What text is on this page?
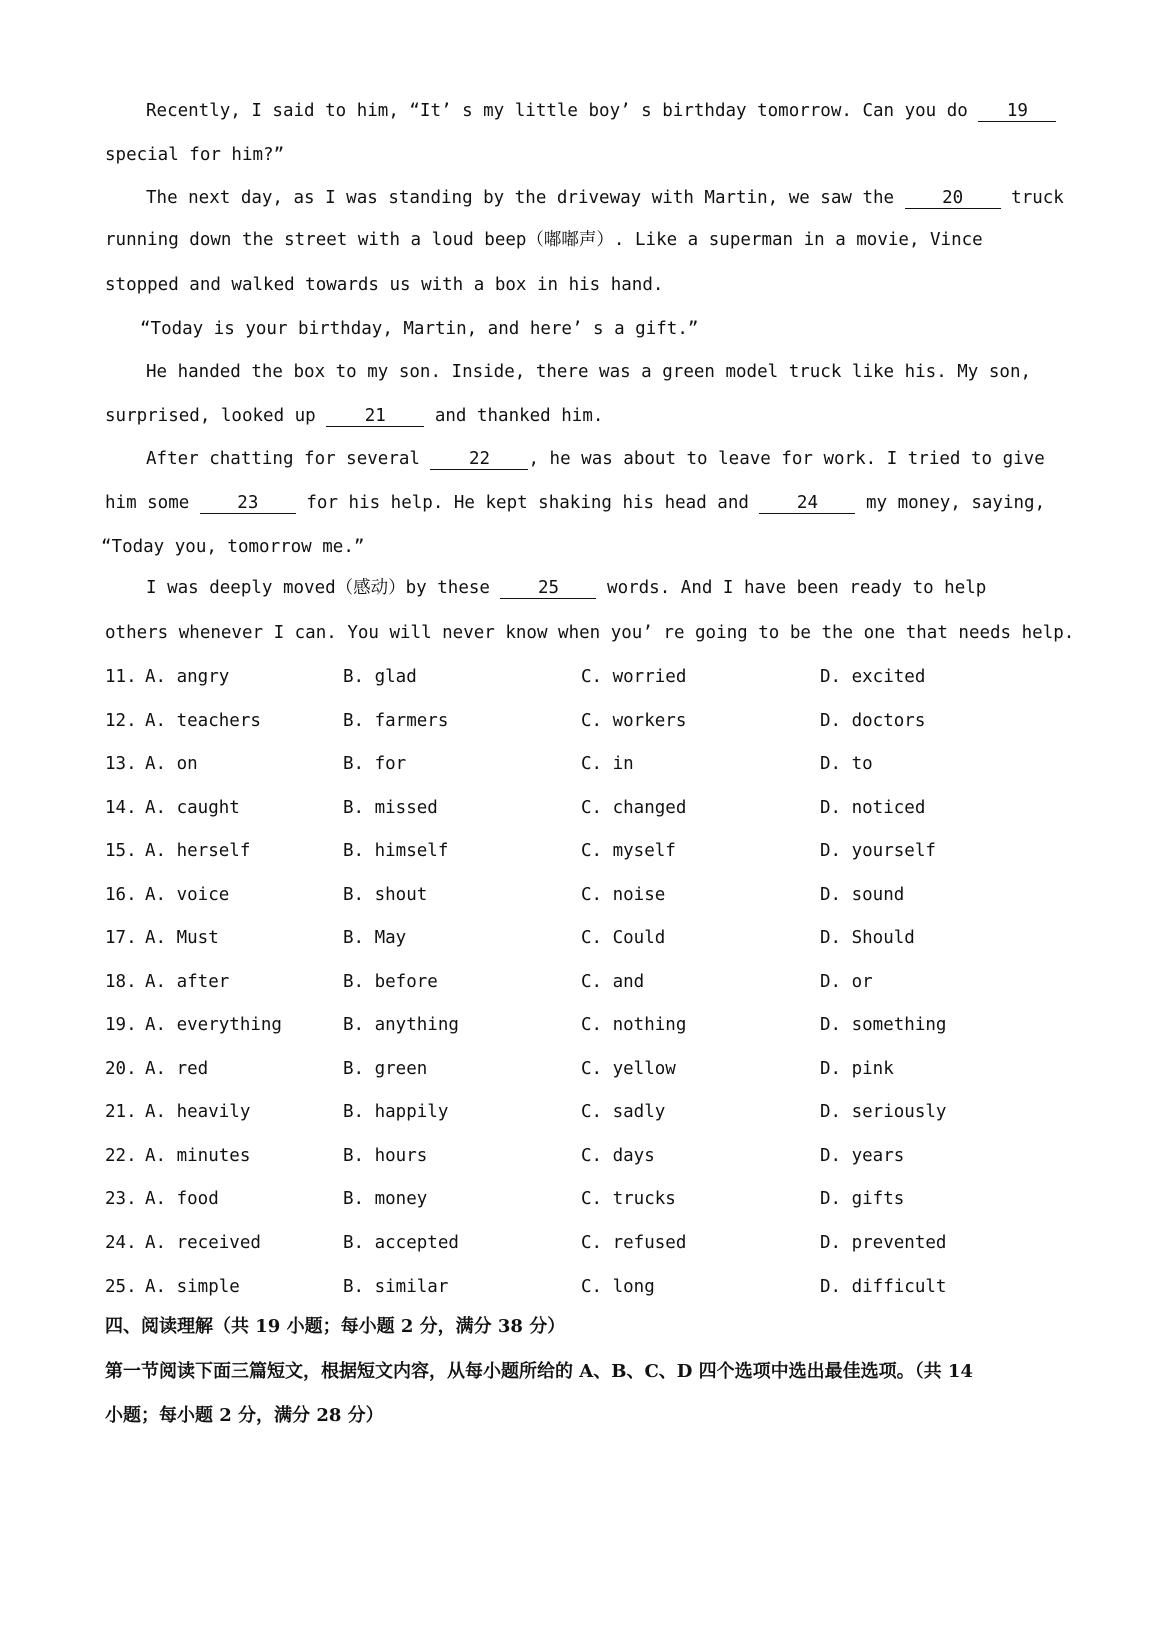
Recently, I said to him, “It’ s my little boy’ s birthday tomorrow. Can you do 19
special for him?”
The next day, as I was standing by the driveway with Martin, we saw the	20	truck
running down the street with a loud beep（嘟嘟声）. Like a superman in a movie, Vince
stopped and walked towards us with a box in his hand.
“Today is your birthday, Martin, and here’ s a gift.”
He handed the box to my son. Inside, there was a green model truck like his. My son,
surprised, looked up	21	and thanked him.
After chatting for several	22 , he was about to leave for work. I tried to give
him some	23	for his help. He kept shaking his head and	24	my money, saying,
“Today you, tomorrow me.”
I was deeply moved（感动）by these	25	words. And I have been ready to help
others whenever I can. You will never know when you’ re going to be the one that needs help.
11. A. angry	B. glad	C. worried	D. excited
12. A. teachers	B. farmers	C. workers	D. doctors
13. A. on	B. for	C. in	D. to
14. A. caught	B. missed	C. changed	D. noticed
15. A. herself	B. himself	C. myself	D. yourself
16. A. voice	B. shout	C. noise	D. sound
17. A. Must	B. May	C. Could	D. Should
18. A. after	B. before	C. and	D. or
19. A. everything	B. anything	C. nothing	D. something
20. A. red	B. green	C. yellow	D. pink
21. A. heavily	B. happily	C. sadly	D. seriously
22. A. minutes	B. hours	C. days	D. years
23. A. food	B. money	C. trucks	D. gifts
24. A. received	B. accepted	C. refused	D. prevented
25. A. simple	B. similar	C. long	D. difficult
四、阅读理解（共 19 小题；每小题 2 分，满分 38 分）
第一节阅读下面三篇短文，根据短文内容，从每小题所给的 A、B、C、D 四个选项中选出最佳选项。（共 14
小题；每小题 2 分，满分 28 分）
